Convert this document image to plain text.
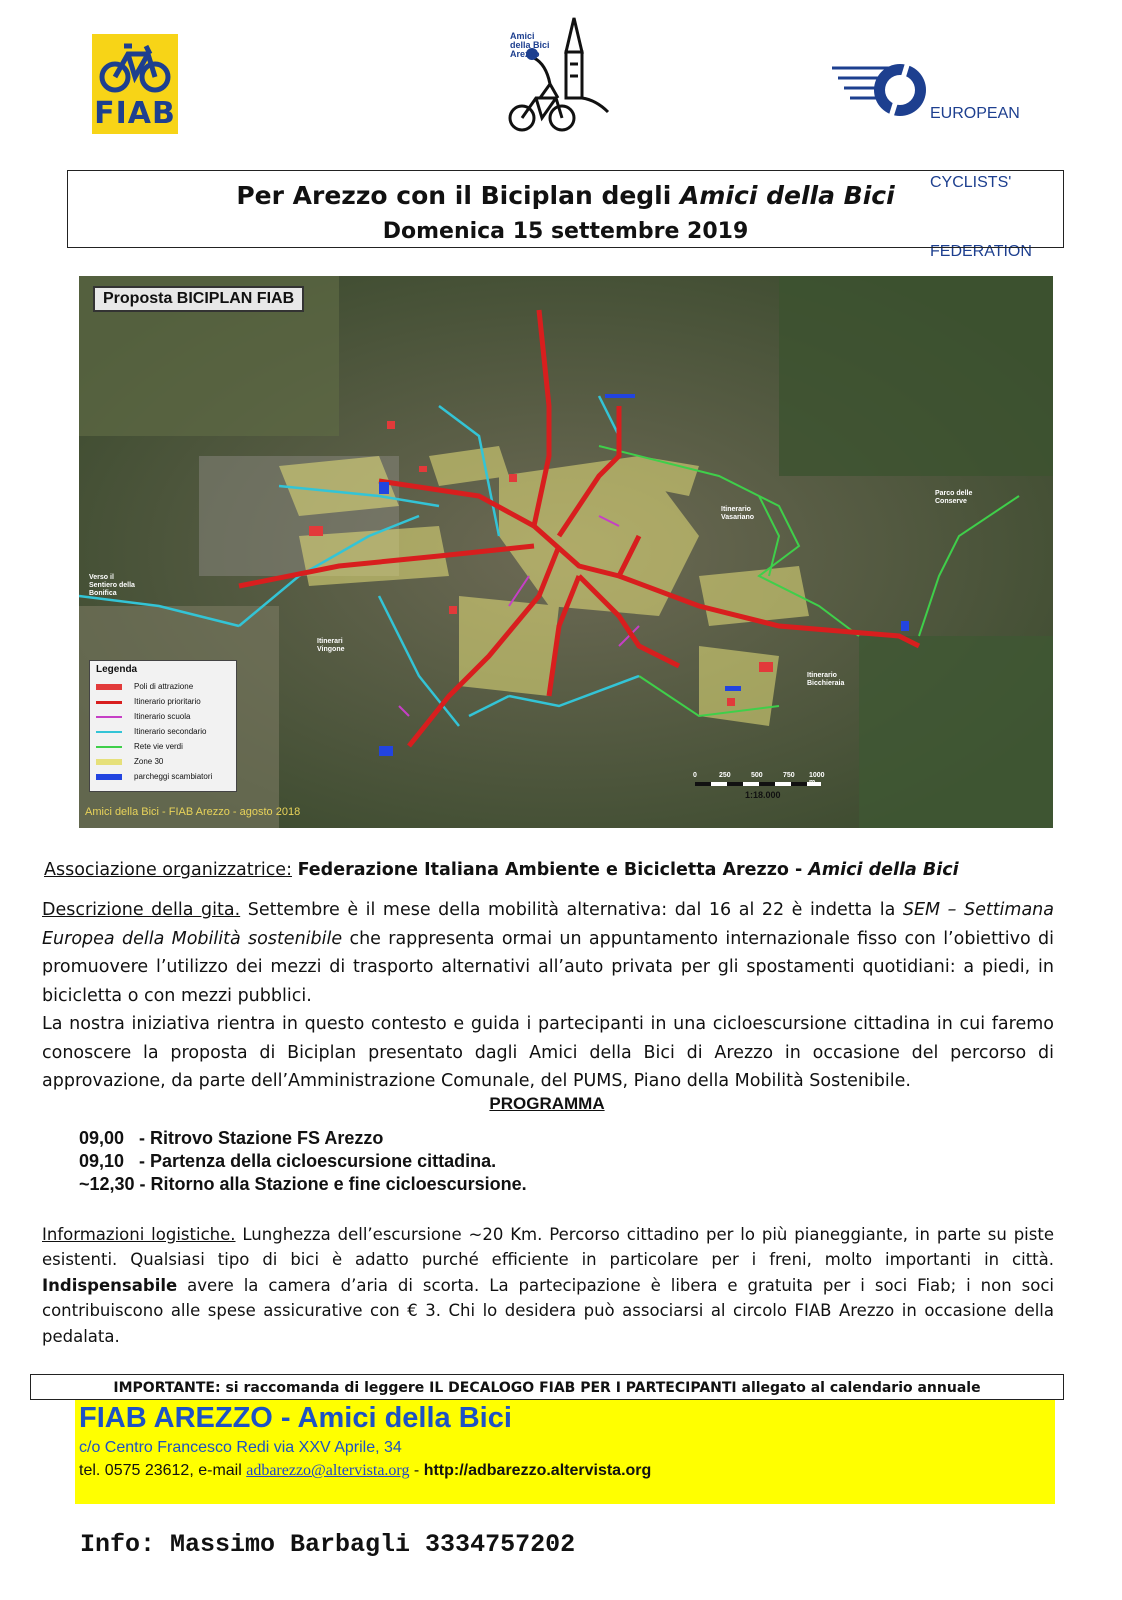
FIAB
Amici
della Bici
Arezzo

EUROPEAN

CYCLISTS'

FEDERATION

Per Arezzo con il Biciplan degli Amici della Bici
Domenica 15 settembre 2019
Proposta BICIPLAN FIAB
Itinerario
Vasariano
Parco delle
Conserve
Verso il
Sentiero della
Bonifica
Itinerari
Vingone
Itinerario
Bicchieraia
Legenda
Poli di attrazione
Itinerario prioritario
Itinerario scuola
Itinerario secondario
Rete vie verdi
Zone 30
parcheggi scambiatori	0	250	500	750 1000
1:18.000
Amici della Bici - FIAB Arezzo - agosto 2018
Associazione organizzatrice: Federazione Italiana Ambiente e Bicicletta Arezzo - Amici della Bici
Descrizione della gita. Settembre è il mese della mobilità alternativa: dal 16 al 22 è indetta la SEM – Settimana Europea della Mobilità sostenibile che rappresenta ormai un appuntamento internazionale fisso con l’obiettivo di promuovere l’utilizzo dei mezzi di trasporto alternativi all’auto privata per gli spostamenti quotidiani: a piedi, in bicicletta o con mezzi pubblici.
La nostra iniziativa rientra in questo contesto e guida i partecipanti in una cicloescursione cittadina in cui faremo conoscere la proposta di Biciplan presentato dagli Amici della Bici di Arezzo in occasione del percorso di approvazione, da parte dell’Amministrazione Comunale, del PUMS, Piano della Mobilità Sostenibile.
PROGRAMMA
09,00   - Ritrovo Stazione FS Arezzo
09,10   - Partenza della cicloescursione cittadina.
~12,30 - Ritorno alla Stazione e fine cicloescursione.
Informazioni logistiche. Lunghezza dell’escursione ~20 Km. Percorso cittadino per lo più pianeggiante, in parte su piste esistenti. Qualsiasi tipo di bici è adatto purché efficiente in particolare per i freni, molto importanti in città. Indispensabile avere la camera d’aria di scorta. La partecipazione è libera e gratuita per i soci Fiab; i non soci contribuiscono alle spese assicurative con € 3. Chi lo desidera può associarsi al circolo FIAB Arezzo in occasione della pedalata.
IMPORTANTE: si raccomanda di leggere IL DECALOGO FIAB PER I PARTECIPANTI allegato al calendario annuale
FIAB AREZZO - Amici della Bici
c/o Centro Francesco Redi via XXV Aprile, 34
tel. 0575 23612, e-mail adbarezzo@altervista.org - http://adbarezzo.altervista.org
Info: Massimo Barbagli 3334757202
